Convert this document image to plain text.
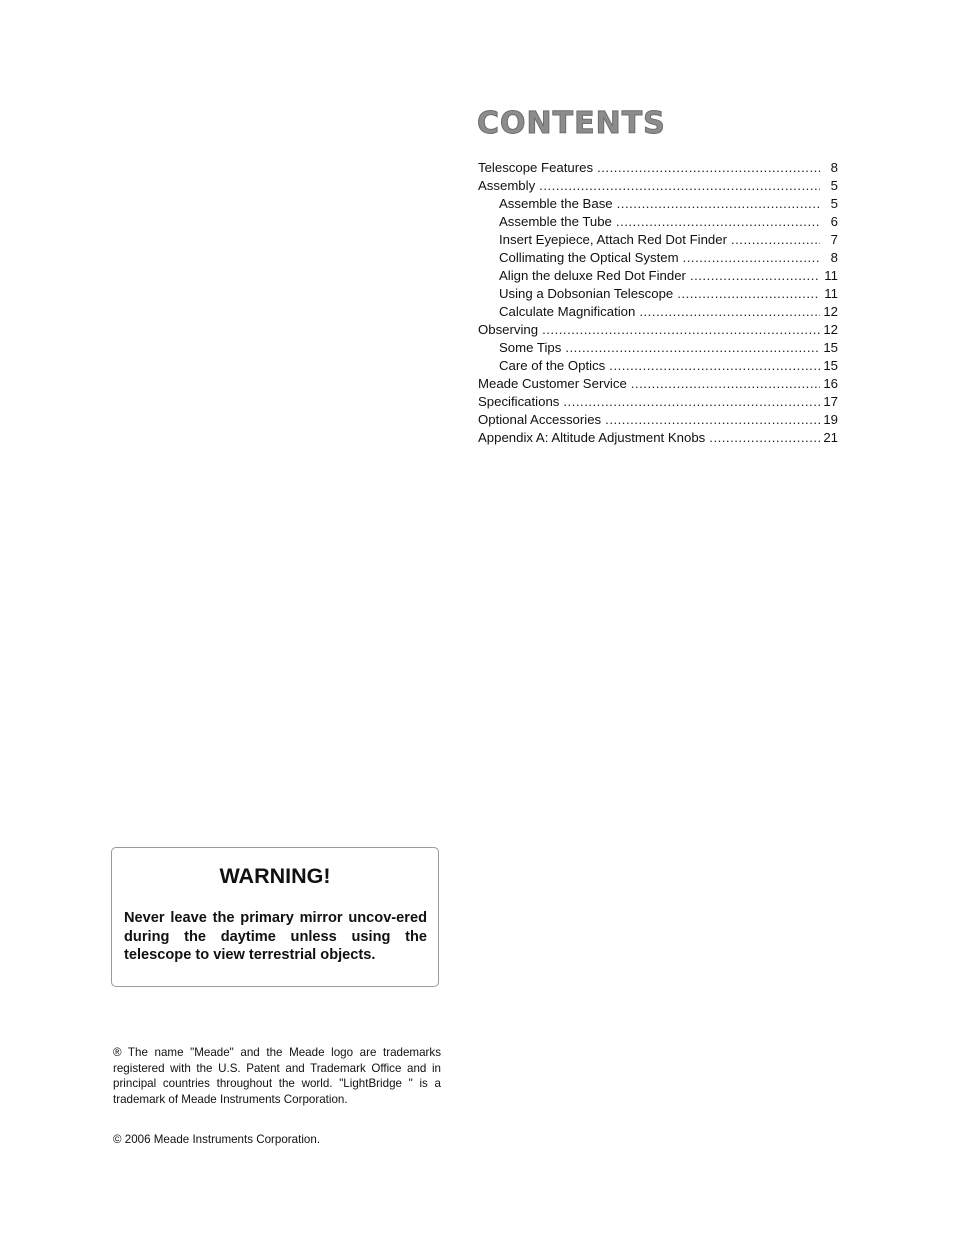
CONTENTS
Telescope Features .....	8
Assembly .....	5
Assemble the Base .....	5
Assemble the Tube .....	6
Insert Eyepiece, Attach Red Dot Finder .....	7
Collimating the Optical System .....	8
Align the deluxe Red Dot Finder .....	11
Using a Dobsonian Telescope .....	11
Calculate Magnification .....	12
Observing .....	12
Some Tips .....	15
Care of the Optics .....	15
Meade Customer Service .....	16
Specifications .....	17
Optional Accessories .....	19
Appendix A: Altitude Adjustment Knobs .....	21
WARNING!

Never leave the primary mirror uncov-ered during the daytime unless using the telescope to view terrestrial objects.

® The name "Meade" and the Meade logo are trademarks registered with the U.S. Patent and Trademark Office and in principal countries throughout the world. "LightBridge " is a trademark of Meade Instruments Corporation.

© 2006 Meade Instruments Corporation.
